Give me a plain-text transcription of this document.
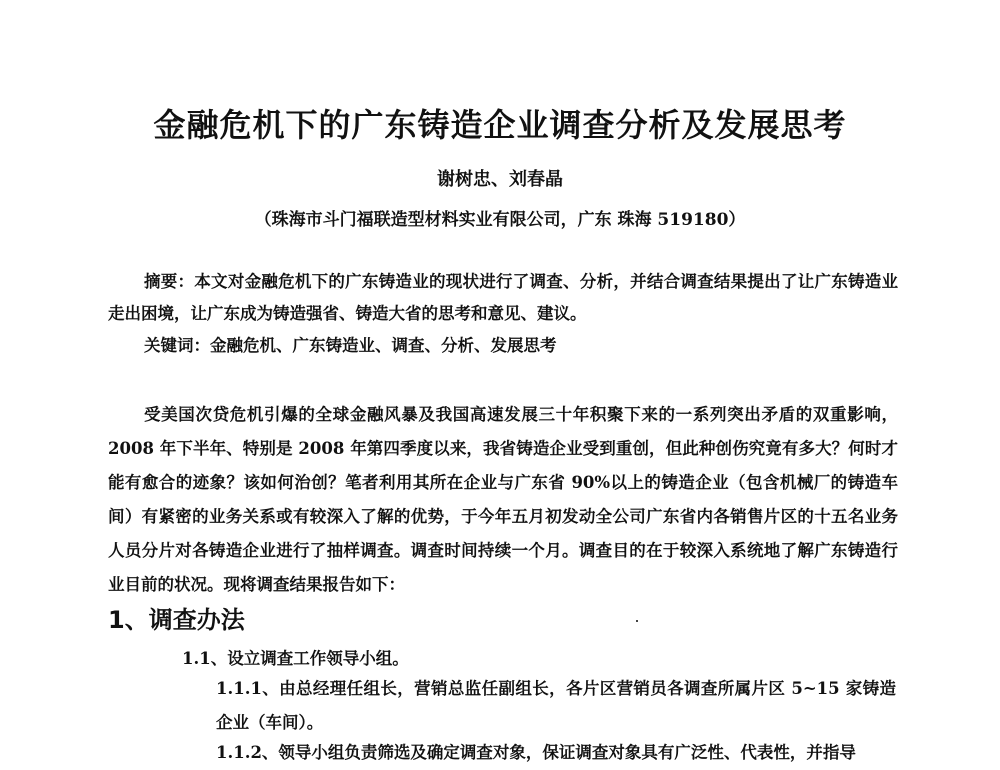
金融危机下的广东铸造企业调查分析及发展思考
谢树忠、刘春晶
（珠海市斗门福联造型材料实业有限公司，广东 珠海 519180）
摘要：本文对金融危机下的广东铸造业的现状进行了调查、分析，并结合调查结果提出了让广东铸造业走出困境，让广东成为铸造强省、铸造大省的思考和意见、建议。
关键词：金融危机、广东铸造业、调查、分析、发展思考
受美国次贷危机引爆的全球金融风暴及我国高速发展三十年积聚下来的一系列突出矛盾的双重影响，2008 年下半年、特别是 2008 年第四季度以来，我省铸造企业受到重创，但此种创伤究竟有多大？何时才能有愈合的迹象？该如何治创？笔者利用其所在企业与广东省 90%以上的铸造企业（包含机械厂的铸造车间）有紧密的业务关系或有较深入了解的优势，于今年五月初发动全公司广东省内各销售片区的十五名业务人员分片对各铸造企业进行了抽样调查。调查时间持续一个月。调查目的在于较深入系统地了解广东铸造行业目前的状况。现将调查结果报告如下：
1、调查办法
1.1、设立调查工作领导小组。
1.1.1、由总经理任组长，营销总监任副组长，各片区营销员各调查所属片区 5~15 家铸造企业（车间）。
1.1.2、领导小组负责筛选及确定调查对象，保证调查对象具有广泛性、代表性，并指导
